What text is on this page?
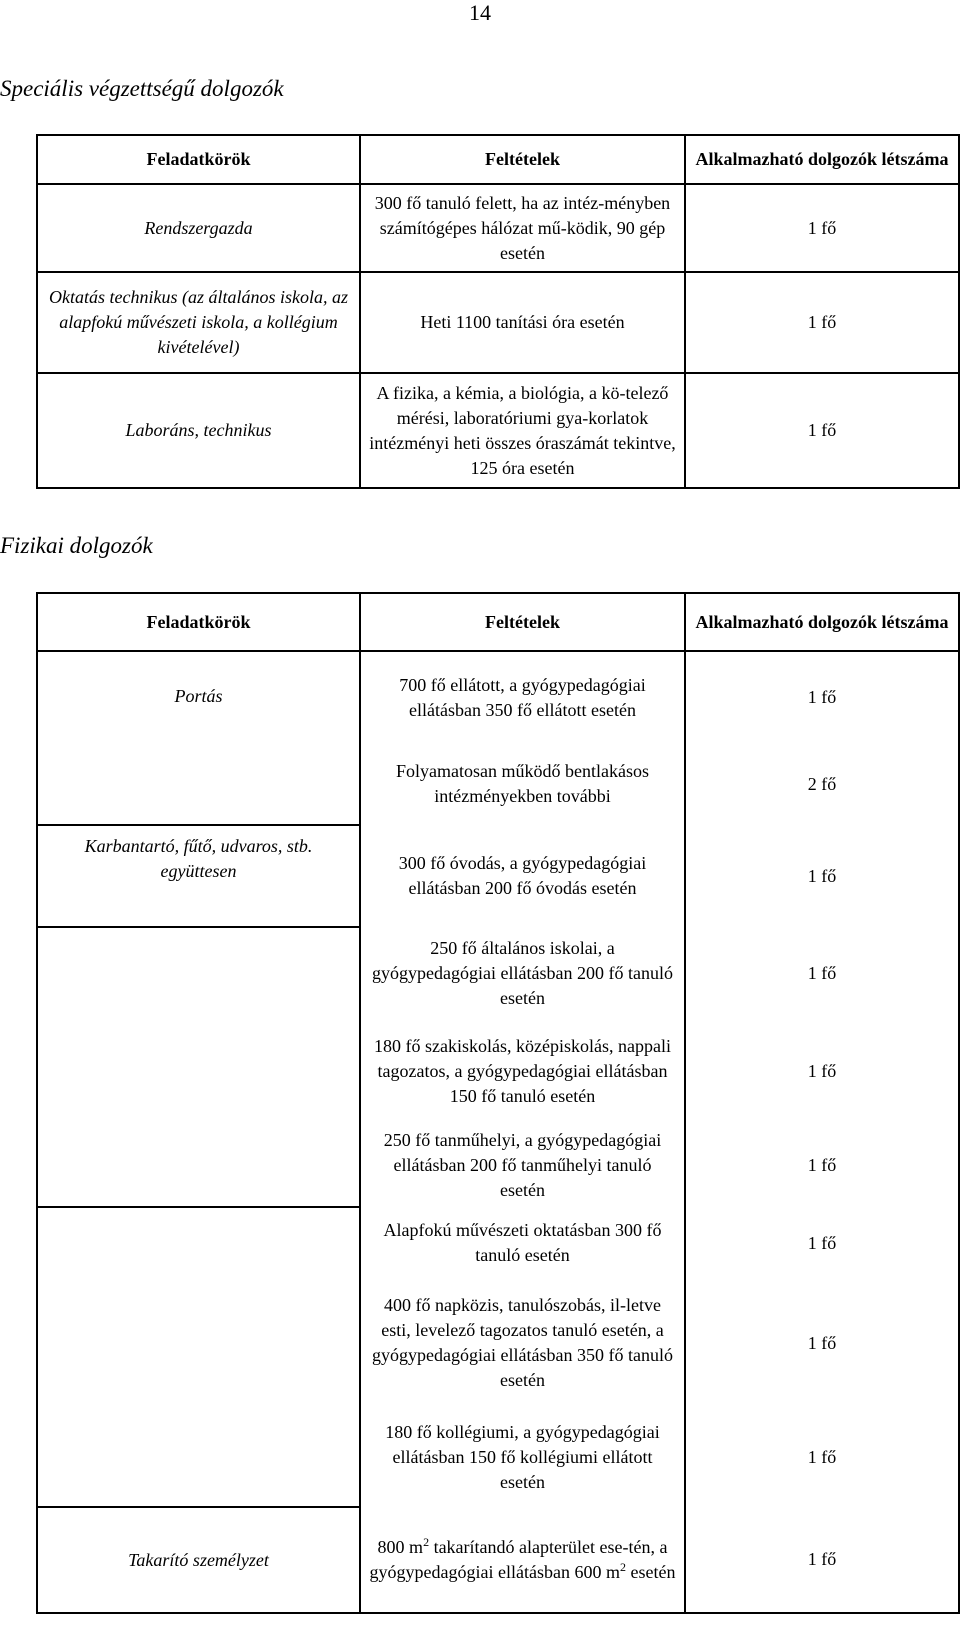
14
Speciális végzettségű dolgozók
Feladatkörök	Feltételek	Alkalmazható dolgozók létszáma
Rendszergazda	300 fő tanuló felett, ha az intéz-ményben számítógépes hálózat mű-ködik, 90 gép esetén	1 fő
Oktatás technikus (az általános iskola, az alapfokú művészeti iskola, a kollégium kivételével)	Heti 1100 tanítási óra esetén	1 fő
Laboráns, technikus	A fizika, a kémia, a biológia, a kö-telező mérési, laboratóriumi gya-korlatok intézményi heti összes óraszámát tekintve, 125 óra esetén	1 fő
Fizikai dolgozók
Feladatkörök	Feltételek	Alkalmazható dolgozók létszáma
Portás	700 fő ellátott, a gyógypedagógiai ellátásban 350 fő ellátott esetén	1 fő
	Folyamatosan működő bentlakásos intézményekben további	2 fő
Karbantartó, fűtő, udvaros, stb. együttesen	300 fő óvodás, a gyógypedagógiai ellátásban 200 fő óvodás esetén	1 fő
	250 fő általános iskolai, a gyógypedagógiai ellátásban 200 fő tanuló esetén	1 fő
	180 fő szakiskolás, középiskolás, nappali tagozatos, a gyógypedagógiai ellátásban 150 fő tanuló esetén	1 fő
	250 fő tanműhelyi, a gyógypedagógiai ellátásban 200 fő tanműhelyi tanuló esetén	1 fő
	Alapfokú művészeti oktatásban 300 fő tanuló esetén	1 fő
	400 fő napközis, tanulószobás, il-letve esti, levelező tagozatos tanuló esetén, a gyógypedagógiai ellátásban 350 fő tanuló esetén	1 fő
	180 fő kollégiumi, a gyógypedagógiai ellátásban 150 fő kollégiumi ellátott esetén	1 fő
Takarító személyzet	800 $m^2$ takarítandó alapterület ese-tén, a gyógypedagógiai ellátásban 600 $m^2$ esetén	1 fő
